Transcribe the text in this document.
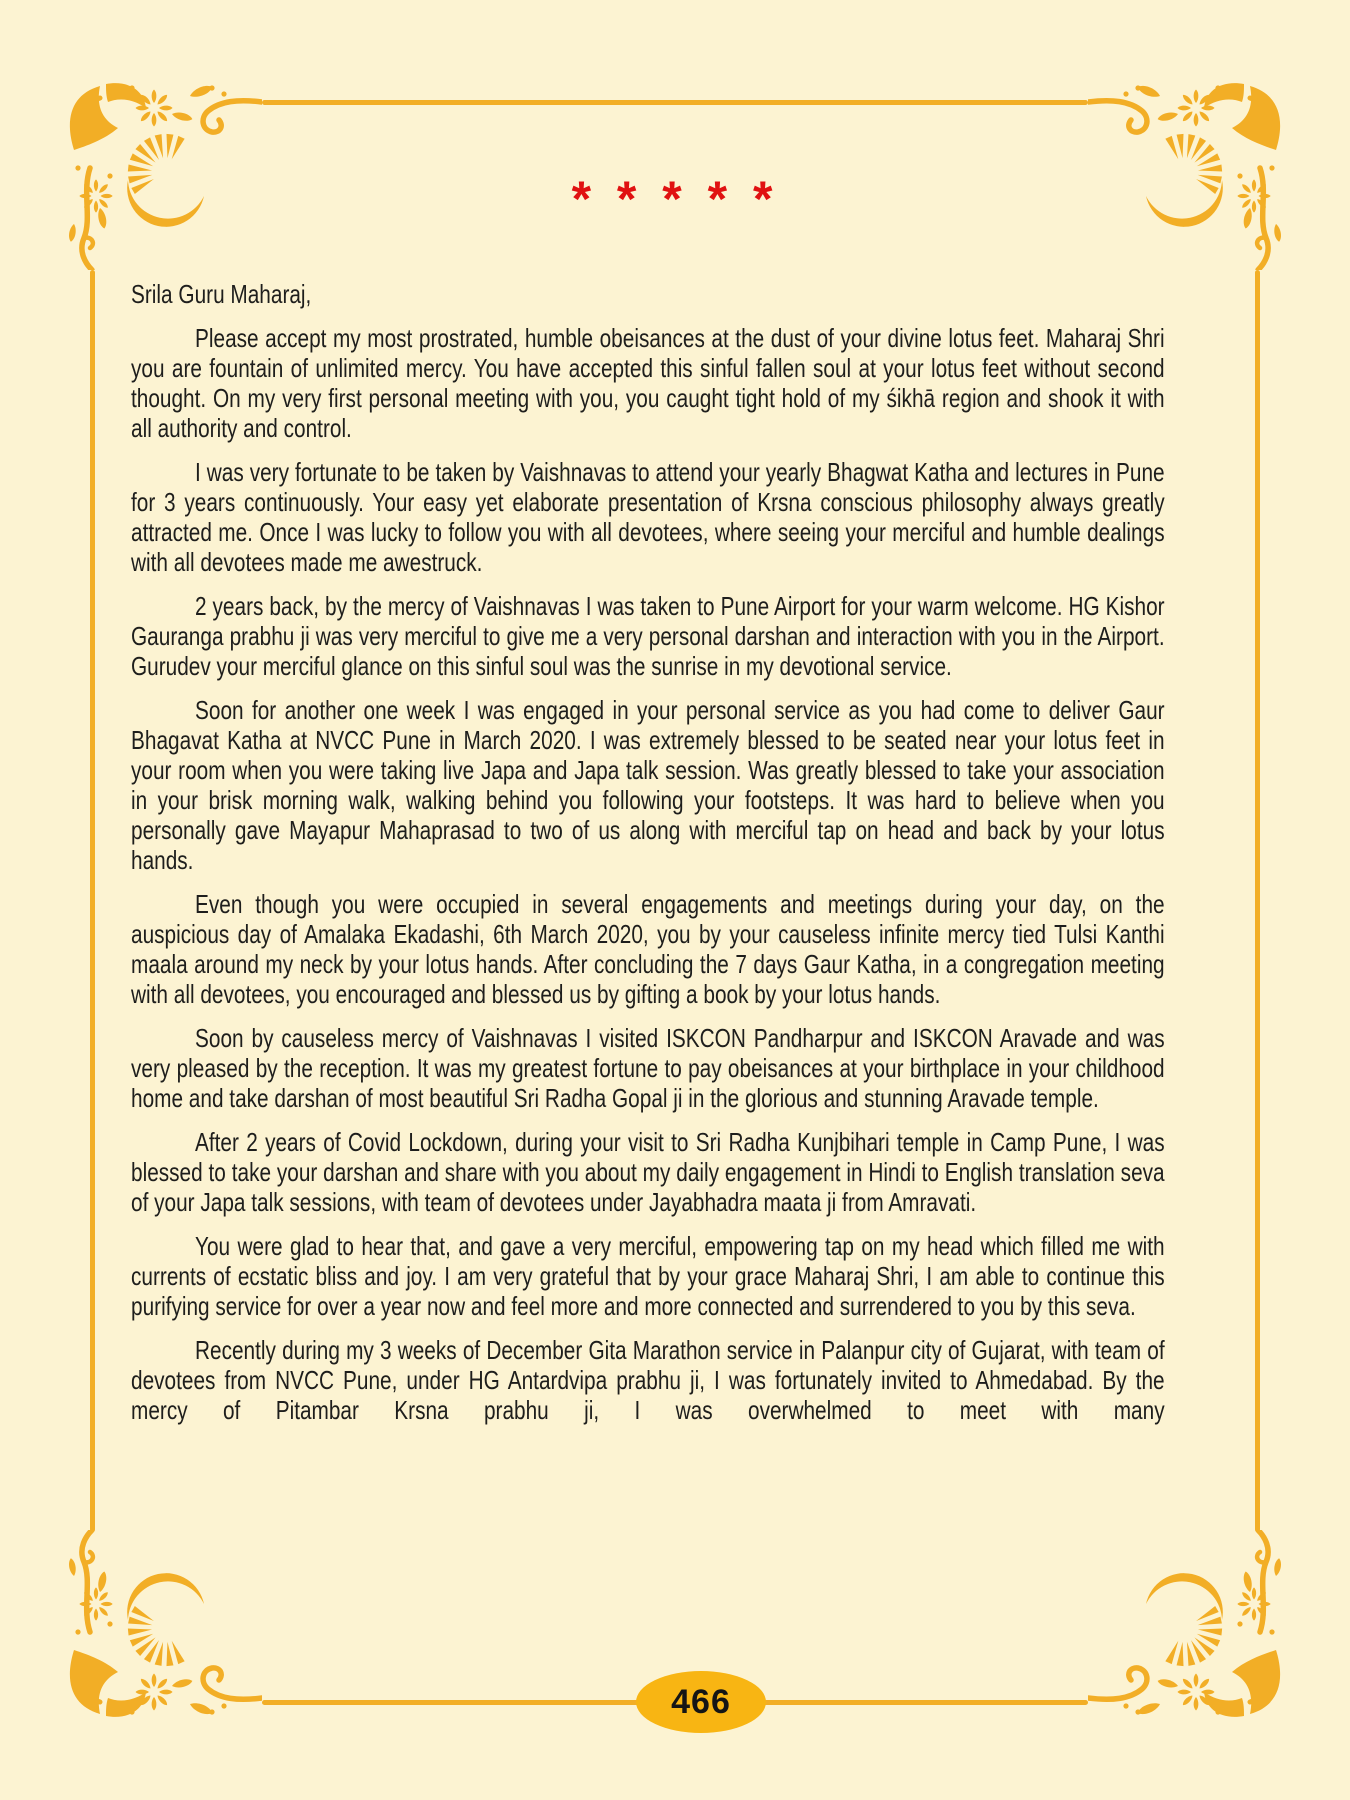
* * * * *

Srila Guru Maharaj,

Please accept my most prostrated, humble obeisances at the dust of your divine lotus feet. Maharaj Shri you are fountain of unlimited mercy. You have accepted this sinful fallen soul at your lotus feet without second thought. On my very first personal meeting with you, you caught tight hold of my śikhā region and shook it with all authority and control.

I was very fortunate to be taken by Vaishnavas to attend your yearly Bhagwat Katha and lectures in Pune for 3 years continuously. Your easy yet elaborate presentation of Krsna conscious philosophy always greatly attracted me. Once I was lucky to follow you with all devotees, where seeing your merciful and humble dealings with all devotees made me awestruck.

2 years back, by the mercy of Vaishnavas I was taken to Pune Airport for your warm welcome. HG Kishor Gauranga prabhu ji was very merciful to give me a very personal darshan and interaction with you in the Airport. Gurudev your merciful glance on this sinful soul was the sunrise in my devotional service.

Soon for another one week I was engaged in your personal service as you had come to deliver Gaur Bhagavat Katha at NVCC Pune in March 2020. I was extremely blessed to be seated near your lotus feet in your room when you were taking live Japa and Japa talk session. Was greatly blessed to take your association in your brisk morning walk, walking behind you following your footsteps. It was hard to believe when you personally gave Mayapur Mahaprasad to two of us along with merciful tap on head and back by your lotus hands.

Even though you were occupied in several engagements and meetings during your day, on the auspicious day of Amalaka Ekadashi, 6th March 2020, you by your causeless infinite mercy tied Tulsi Kanthi maala around my neck by your lotus hands. After concluding the 7 days Gaur Katha, in a congregation meeting with all devotees, you encouraged and blessed us by gifting a book by your lotus hands.

Soon by causeless mercy of Vaishnavas I visited ISKCON Pandharpur and ISKCON Aravade and was very pleased by the reception. It was my greatest fortune to pay obeisances at your birthplace in your childhood home and take darshan of most beautiful Sri Radha Gopal ji in the glorious and stunning Aravade temple.

After 2 years of Covid Lockdown, during your visit to Sri Radha Kunjbihari temple in Camp Pune, I was blessed to take your darshan and share with you about my daily engagement in Hindi to English translation seva of your Japa talk sessions, with team of devotees under Jayabhadra maata ji from Amravati.

You were glad to hear that, and gave a very merciful, empowering tap on my head which filled me with currents of ecstatic bliss and joy. I am very grateful that by your grace Maharaj Shri, I am able to continue this purifying service for over a year now and feel more and more connected and surrendered to you by this seva.

Recently during my 3 weeks of December Gita Marathon service in Palanpur city of Gujarat, with team of devotees from NVCC Pune, under HG Antardvipa prabhu ji, I was fortunately invited to Ahmedabad. By the mercy of Pitambar Krsna prabhu ji, I was overwhelmed to meet with many

466
